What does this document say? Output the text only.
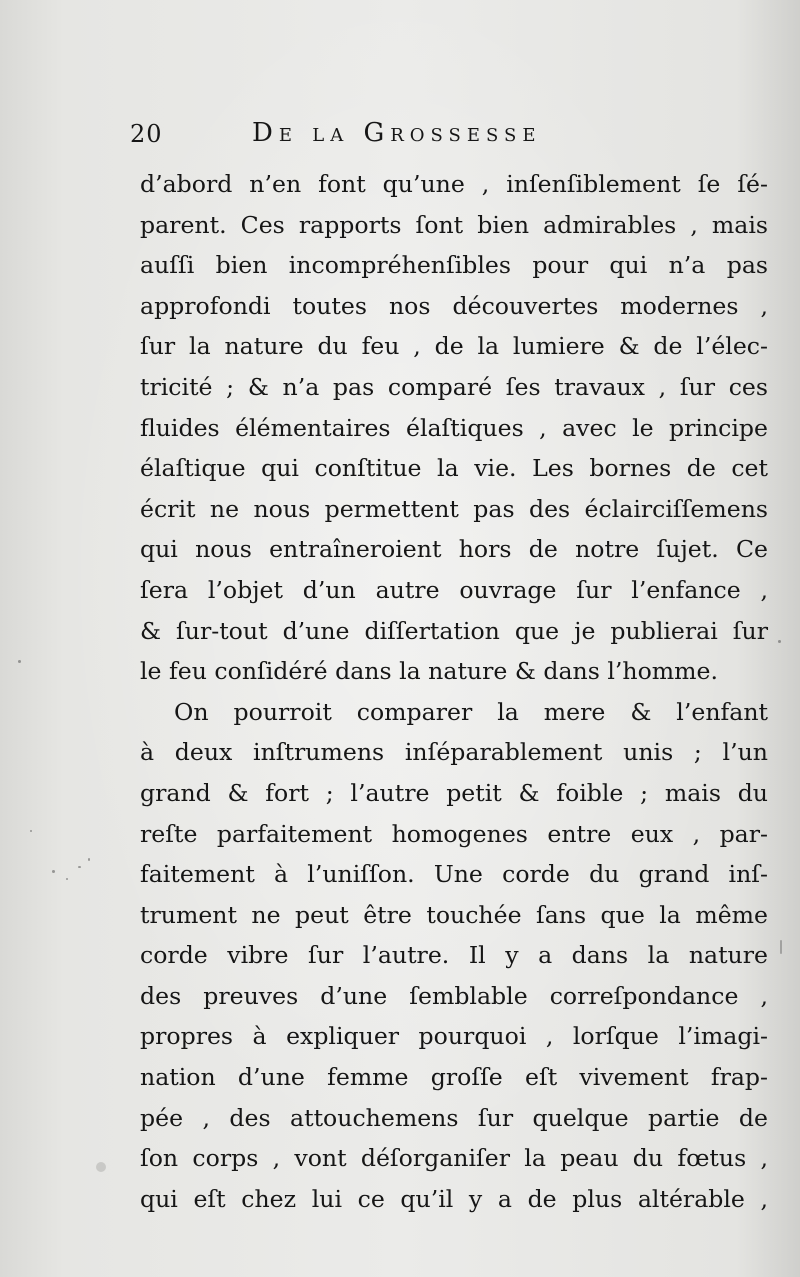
20	De la Grossesse
d’abord n’en font qu’une , inſenſiblement ſe ſé-
parent. Ces rapports ſont bien admirables , mais
auſſi bien incompréhenſibles pour qui n’a pas
approfondi toutes nos découvertes modernes ,
ſur la nature du feu , de la lumiere & de l’élec-
tricité ; & n’a pas comparé ſes travaux , ſur ces
fluides élémentaires élaſtiques , avec le principe
élaſtique qui conſtitue la vie. Les bornes de cet
écrit ne nous permettent pas des éclairciſſemens
qui nous entraîneroient hors de notre ſujet. Ce
ſera l’objet d’un autre ouvrage ſur l’enfance ,
& ſur-tout d’une diſſertation que je publierai ſur
le feu conſidéré dans la nature & dans l’homme.
On pourroit comparer la mere & l’enfant
à deux inſtrumens inſéparablement unis ; l’un
grand & fort ; l’autre petit & foible ; mais du
reſte parfaitement homogenes entre eux , par-
faitement à l’uniſſon. Une corde du grand inſ-
trument ne peut être touchée ſans que la même
corde vibre ſur l’autre. Il y a dans la nature
des preuves d’une ſemblable correſpondance ,
propres à expliquer pourquoi , lorſque l’imagi-
nation d’une femme groſſe eſt vivement frap-
pée , des attouchemens ſur quelque partie de
ſon corps , vont déſorganiſer la peau du fœtus ,
qui eſt chez lui ce qu’il y a de plus altérable ,
